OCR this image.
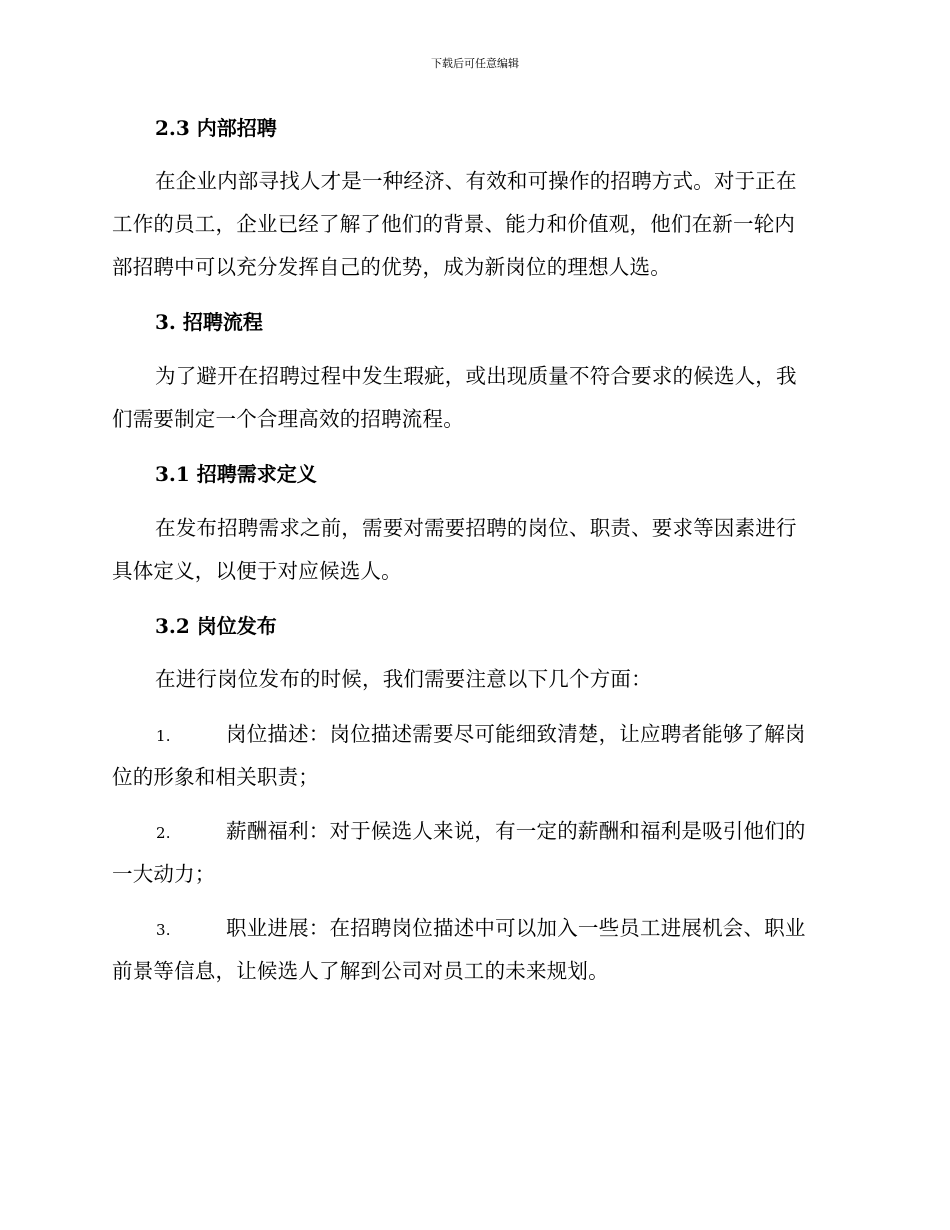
下载后可任意编辑
2.3 内部招聘
在企业内部寻找人才是一种经济、有效和可操作的招聘方式。对于正在
工作的员工，企业已经了解了他们的背景、能力和价值观，他们在新一轮内
部招聘中可以充分发挥自己的优势，成为新岗位的理想人选。
3. 招聘流程
为了避开在招聘过程中发生瑕疵，或出现质量不符合要求的候选人，我
们需要制定一个合理高效的招聘流程。
3.1 招聘需求定义
在发布招聘需求之前，需要对需要招聘的岗位、职责、要求等因素进行
具体定义，以便于对应候选人。
3.2 岗位发布
在进行岗位发布的时候，我们需要注意以下几个方面：
1.	岗位描述：岗位描述需要尽可能细致清楚，让应聘者能够了解岗
位的形象和相关职责；
2.	薪酬福利：对于候选人来说，有一定的薪酬和福利是吸引他们的
一大动力；
3.	职业进展：在招聘岗位描述中可以加入一些员工进展机会、职业
前景等信息，让候选人了解到公司对员工的未来规划。
